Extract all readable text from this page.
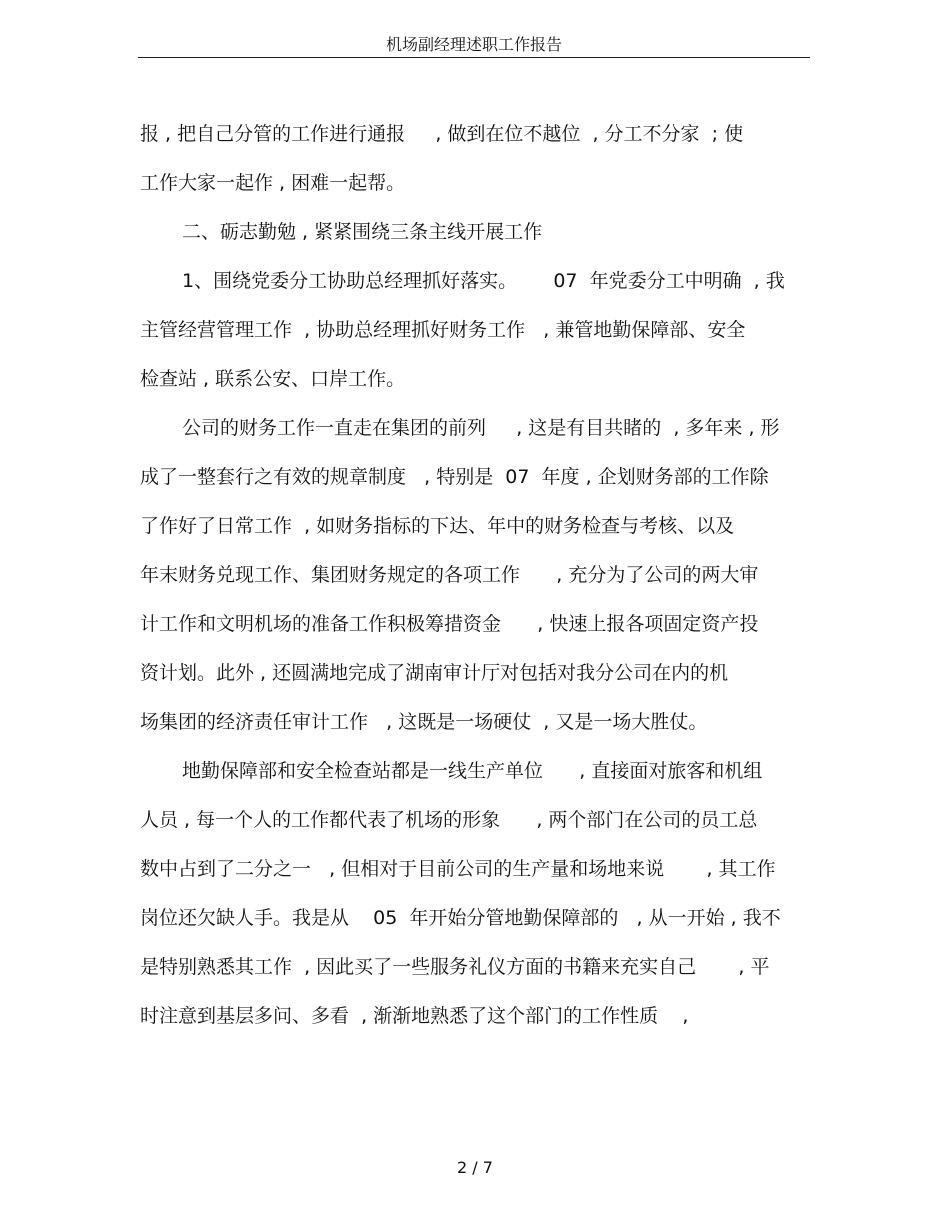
机场副经理述职工作报告
报 , 把自己分管的工作进行通报     , 做到在位不越位  , 分工不分家  ; 使
工作大家一起作 , 困难一起帮。
二、砺志勤勉 , 紧紧围绕三条主线开展工作
1、围绕党委分工协助总经理抓好落实。      07  年党委分工中明确  , 我
主管经营管理工作  , 协助总经理抓好财务工作   , 兼管地勤保障部、安全
检查站 , 联系公安、口岸工作。
公司的财务工作一直走在集团的前列     , 这是有目共睹的  , 多年来 , 形
成了一整套行之有效的规章制度   , 特别是  07  年度 , 企划财务部的工作除
了作好了日常工作  , 如财务指标的下达、年中的财务检查与考核、以及
年末财务兑现工作、集团财务规定的各项工作      , 充分为了公司的两大审
计工作和文明机场的准备工作积极筹措资金      , 快速上报各项固定资产投
资计划。此外 , 还圆满地完成了湖南审计厅对包括对我分公司在内的机
场集团的经济责任审计工作   , 这既是一场硬仗  , 又是一场大胜仗。
地勤保障部和安全检查站都是一线生产单位      , 直接面对旅客和机组
人员 , 每一个人的工作都代表了机场的形象      , 两个部门在公司的员工总
数中占到了二分之一   , 但相对于目前公司的生产量和场地来说       , 其工作
岗位还欠缺人手。我是从    05  年开始分管地勤保障部的   , 从一开始 , 我不
是特别熟悉其工作  , 因此买了一些服务礼仪方面的书籍来充实自己       , 平
时注意到基层多问、多看  , 渐渐地熟悉了这个部门的工作性质    ,
2 / 7
